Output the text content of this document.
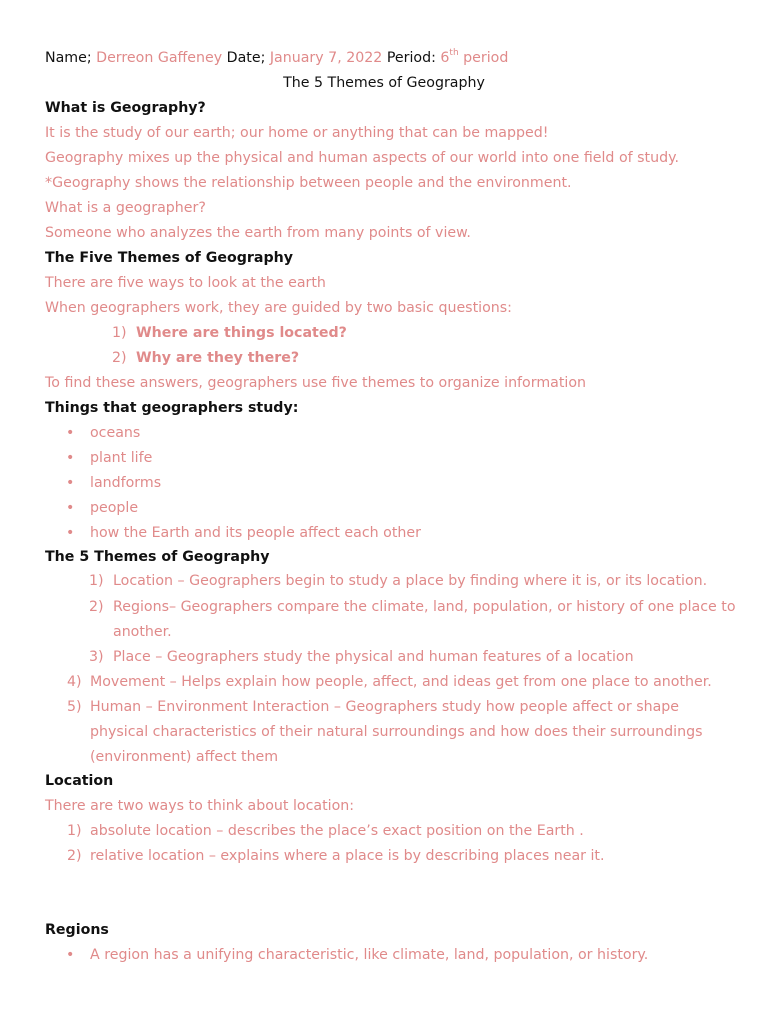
Name; Derreon Gaffeney Date; January 7, 2022 Period: 6th period
The 5 Themes of Geography
What is Geography?
It is the study of our earth; our home or anything that can be mapped!
Geography mixes up the physical and human aspects of our world into one field of study.
*Geography shows the relationship between people and the environment.
What is a geographer?
Someone who analyzes the earth from many points of view.
The Five Themes of Geography
There are five ways to look at the earth
When geographers work, they are guided by two basic questions:
1) Where are things located?
2) Why are they there?
To find these answers, geographers use five themes to organize information
Things that geographers study:
• oceans
• plant life
• landforms
• people
• how the Earth and its people affect each other
The 5 Themes of Geography
1) Location – Geographers begin to study a place by finding where it is, or its location.
2) Regions– Geographers compare the climate, land, population, or history of one place to
another.
3) Place – Geographers study the physical and human features of a location
4) Movement – Helps explain how people, affect, and ideas get from one place to another.
5) Human – Environment Interaction – Geographers study how people affect or shape
physical characteristics of their natural surroundings and how does their surroundings
(environment) affect them
Location
There are two ways to think about location:
1) absolute location – describes the place’s exact position on the Earth .
2) relative location – explains where a place is by describing places near it.
Regions
• A region has a unifying characteristic, like climate, land, population, or history.
